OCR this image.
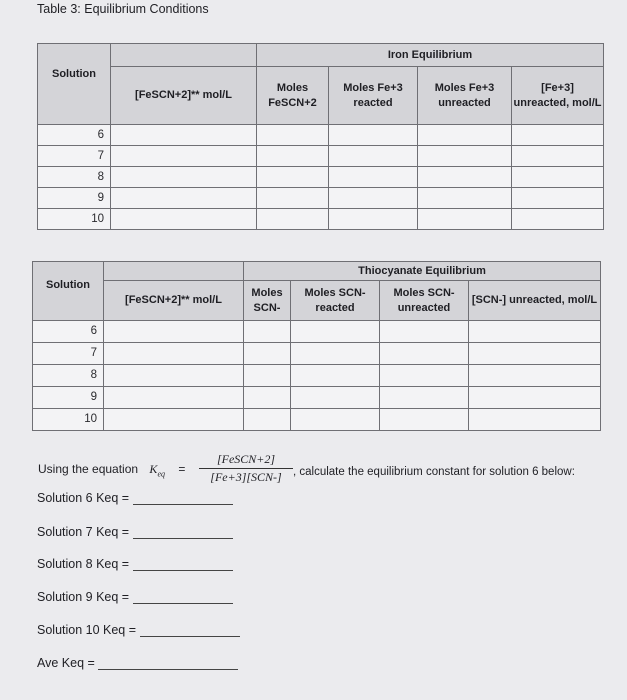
Table 3: Equilibrium Conditions
Solution		Iron Equilibrium			
	[FeSCN+2]** mol/L	Moles FeSCN+2	Moles Fe+3 reacted	Moles Fe+3 unreacted	[Fe+3] unreacted, mol/L
6					
7					
8					
9					
10					
Solution		Thiocyanate Equilibrium			
	[FeSCN+2]** mol/L	Moles SCN-	Moles SCN- reacted	Moles SCN- unreacted	[SCN-] unreacted, mol/L
6					
7					
8					
9					
10					
Using the equation $K_{eq}$ =
[FeSCN+2]
[Fe+3][SCN-] , calculate the equilibrium constant for solution 6 below:
Solution 6 Keq =
Solution 7 Keq =
Solution 8 Keq =
Solution 9 Keq =
Solution 10 Keq =
Ave Keq =
